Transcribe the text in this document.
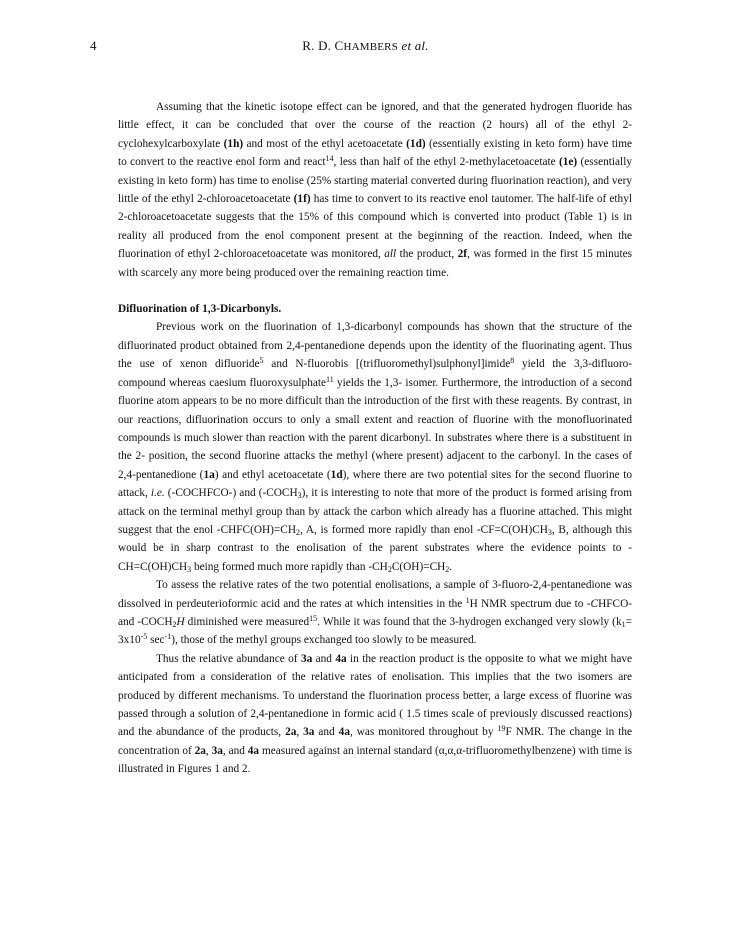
4	R. D. CHAMBERS et al.

Assuming that the kinetic isotope effect can be ignored, and that the generated hydrogen fluoride has little effect, it can be concluded that over the course of the reaction (2 hours) all of the ethyl 2-cyclohexylcarboxylate (1h) and most of the ethyl acetoacetate (1d) (essentially existing in keto form) have time to convert to the reactive enol form and react$^{14}$, less than half of the ethyl 2-methylacetoacetate (1e) (essentially existing in keto form) has time to enolise (25% starting material converted during fluorination reaction), and very little of the ethyl 2-chloroacetoacetate (1f) has time to convert to its reactive enol tautomer. The half-life of ethyl 2-chloroacetoacetate suggests that the 15% of this compound which is converted into product (Table 1) is in reality all produced from the enol component present at the beginning of the reaction. Indeed, when the fluorination of ethyl 2-chloroacetoacetate was monitored, all the product, 2f, was formed in the first 15 minutes with scarcely any more being produced over the remaining reaction time.

Difluorination of 1,3-Dicarbonyls.

Previous work on the fluorination of 1,3-dicarbonyl compounds has shown that the structure of the difluorinated product obtained from 2,4-pentanedione depends upon the identity of the fluorinating agent. Thus the use of xenon difluoride$^5$ and N-fluorobis [(trifluoromethyl)sulphonyl]imide$^8$ yield the 3,3-difluoro- compound whereas caesium fluoroxysulphate$^{11}$ yields the 1,3- isomer. Furthermore, the introduction of a second fluorine atom appears to be no more difficult than the introduction of the first with these reagents. By contrast, in our reactions, difluorination occurs to only a small extent and reaction of fluorine with the monofluorinated compounds is much slower than reaction with the parent dicarbonyl. In substrates where there is a substituent in the 2- position, the second fluorine attacks the methyl (where present) adjacent to the carbonyl. In the cases of 2,4-pentanedione (1a) and ethyl acetoacetate (1d), where there are two potential sites for the second fluorine to attack, i.e. (-COCHFCO-) and $(-COCH_3)$, it is interesting to note that more of the product is formed arising from attack on the terminal methyl group than by attack the carbon which already has a fluorine attached. This might suggest that the enol $-CHFC(OH)=CH_2$, A, is formed more rapidly than enol $-CF=C(OH)CH_3$, B, although this would be in sharp contrast to the enolisation of the parent substrates where the evidence points to $-CH=C(OH)CH_3$ being formed much more rapidly than $-CH_2C(OH)=CH_2$.

To assess the relative rates of the two potential enolisations, a sample of 3-fluoro-2,4-pentanedione was dissolved in perdeuterioformic acid and the rates at which intensities in the $^1$H NMR spectrum due to -CHFCO- and $-COCH_2H$ diminished were measured$^{15}$. While it was found that the 3-hydrogen exchanged very slowly ($k_1= 3x10^{-5}$ $\sec^{-1}$), those of the methyl groups exchanged too slowly to be measured.

Thus the relative abundance of 3a and 4a in the reaction product is the opposite to what we might have anticipated from a consideration of the relative rates of enolisation. This implies that the two isomers are produced by different mechanisms. To understand the fluorination process better, a large excess of fluorine was passed through a solution of 2,4-pentanedione in formic acid ( 1.5 times scale of previously discussed reactions) and the abundance of the products, 2a, 3a and 4a, was monitored throughout by $^{19}$F NMR. The change in the concentration of 2a, 3a, and 4a measured against an internal standard (α,α,α-trifluoromethylbenzene) with time is illustrated in Figures 1 and 2.
